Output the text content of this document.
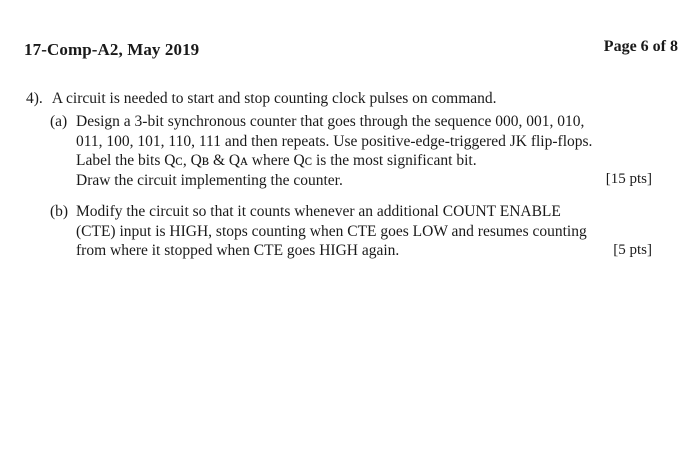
17-Comp-A2, May 2019	Page 6 of 8
4). A circuit is needed to start and stop counting clock pulses on command.
(a) Design a 3-bit synchronous counter that goes through the sequence 000, 001, 010,
011, 100, 101, 110, 111 and then repeats. Use positive-edge-triggered JK flip-flops.
Label the bits Qᴄ, Qʙ & Qᴀ where Qᴄ is the most significant bit.
Draw the circuit implementing the counter.	[15 pts]
(b) Modify the circuit so that it counts whenever an additional COUNT ENABLE
(CTE) input is HIGH, stops counting when CTE goes LOW and resumes counting
from where it stopped when CTE goes HIGH again.	[5 pts]
